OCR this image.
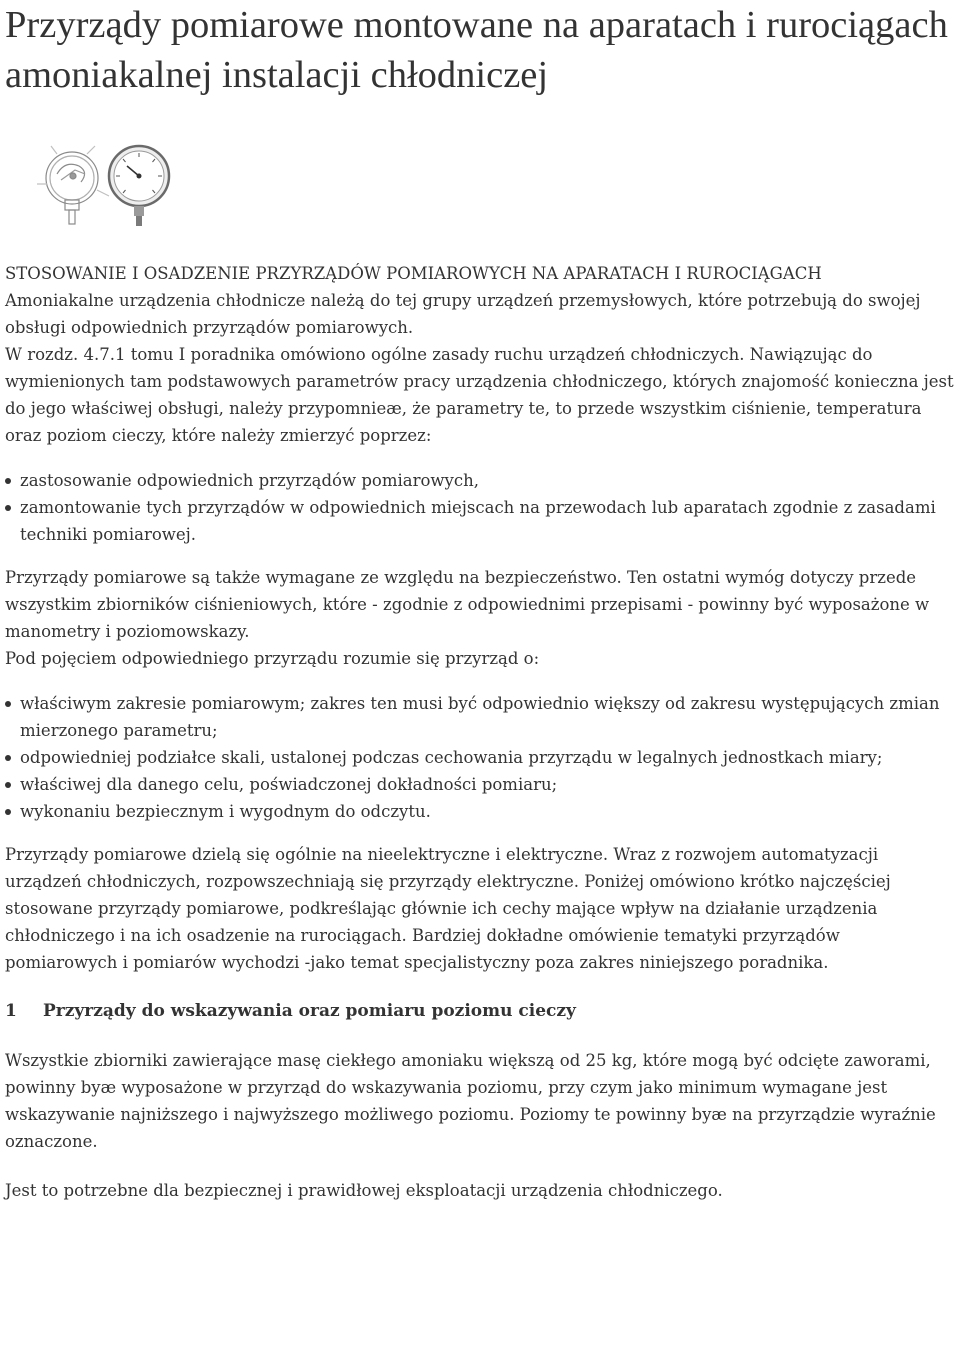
Przyrządy pomiarowe montowane na aparatach i rurociągach amoniakalnej instalacji chłodniczej
STOSOWANIE I OSADZENIE PRZYRZĄDÓW POMIAROWYCH NA APARATACH I RUROCIĄGACH

Amoniakalne urządzenia chłodnicze należą do tej grupy urządzeń przemysłowych, które potrzebują do swojej obsługi odpowiednich przyrządów pomiarowych.

W rozdz. 4.7.1 tomu I poradnika omówiono ogólne zasady ruchu urządzeń chłodniczych. Nawiązując do wymienionych tam podstawowych parametrów pracy urządzenia chłodniczego, których znajomość konieczna jest do jego właściwej obsługi, należy przypomnieæ, że parametry te, to przede wszystkim ciśnienie, temperatura oraz poziom cieczy, które należy zmierzyć poprzez:

zastosowanie odpowiednich przyrządów pomiarowych,
zamontowanie tych przyrządów w odpowiednich miejscach na przewodach lub aparatach zgodnie z zasadami techniki pomiarowej.

Przyrządy pomiarowe są także wymagane ze względu na bezpieczeństwo. Ten ostatni wymóg dotyczy przede wszystkim zbiorników ciśnieniowych, które - zgodnie z odpowiednimi przepisami - powinny być wyposażone w manometry i poziomowskazy.

Pod pojęciem odpowiedniego przyrządu rozumie się przyrząd o:

właściwym zakresie pomiarowym; zakres ten musi być odpowiednio większy od zakresu występujących zmian mierzonego parametru;
odpowiedniej podziałce skali, ustalonej podczas cechowania przyrządu w legalnych jednostkach miary;
właściwej dla danego celu, poświadczonej dokładności pomiaru;
wykonaniu bezpiecznym i wygodnym do odczytu.

Przyrządy pomiarowe dzielą się ogólnie na nieelektryczne i elektryczne. Wraz z rozwojem automatyzacji urządzeń chłodniczych, rozpowszechniają się przyrządy elektryczne. Poniżej omówiono krótko najczęściej stosowane przyrządy pomiarowe, podkreślając głównie ich cechy mające wpływ na działanie urządzenia chłodniczego i na ich osadzenie na rurociągach. Bardziej dokładne omówienie tematyki przyrządów pomiarowych i pomiarów wychodzi -jako temat specjalistyczny poza zakres niniejszego poradnika.

1 Przyrządy do wskazywania oraz pomiaru poziomu cieczy

Wszystkie zbiorniki zawierające masę ciekłego amoniaku większą od 25 kg, które mogą być odcięte zaworami, powinny byæ wyposażone w przyrząd do wskazywania poziomu, przy czym jako minimum wymagane jest wskazywanie najniższego i najwyższego możliwego poziomu. Poziomy te powinny byæ na przyrządzie wyraźnie oznaczone.

Jest to potrzebne dla bezpiecznej i prawidłowej eksploatacji urządzenia chłodniczego.
